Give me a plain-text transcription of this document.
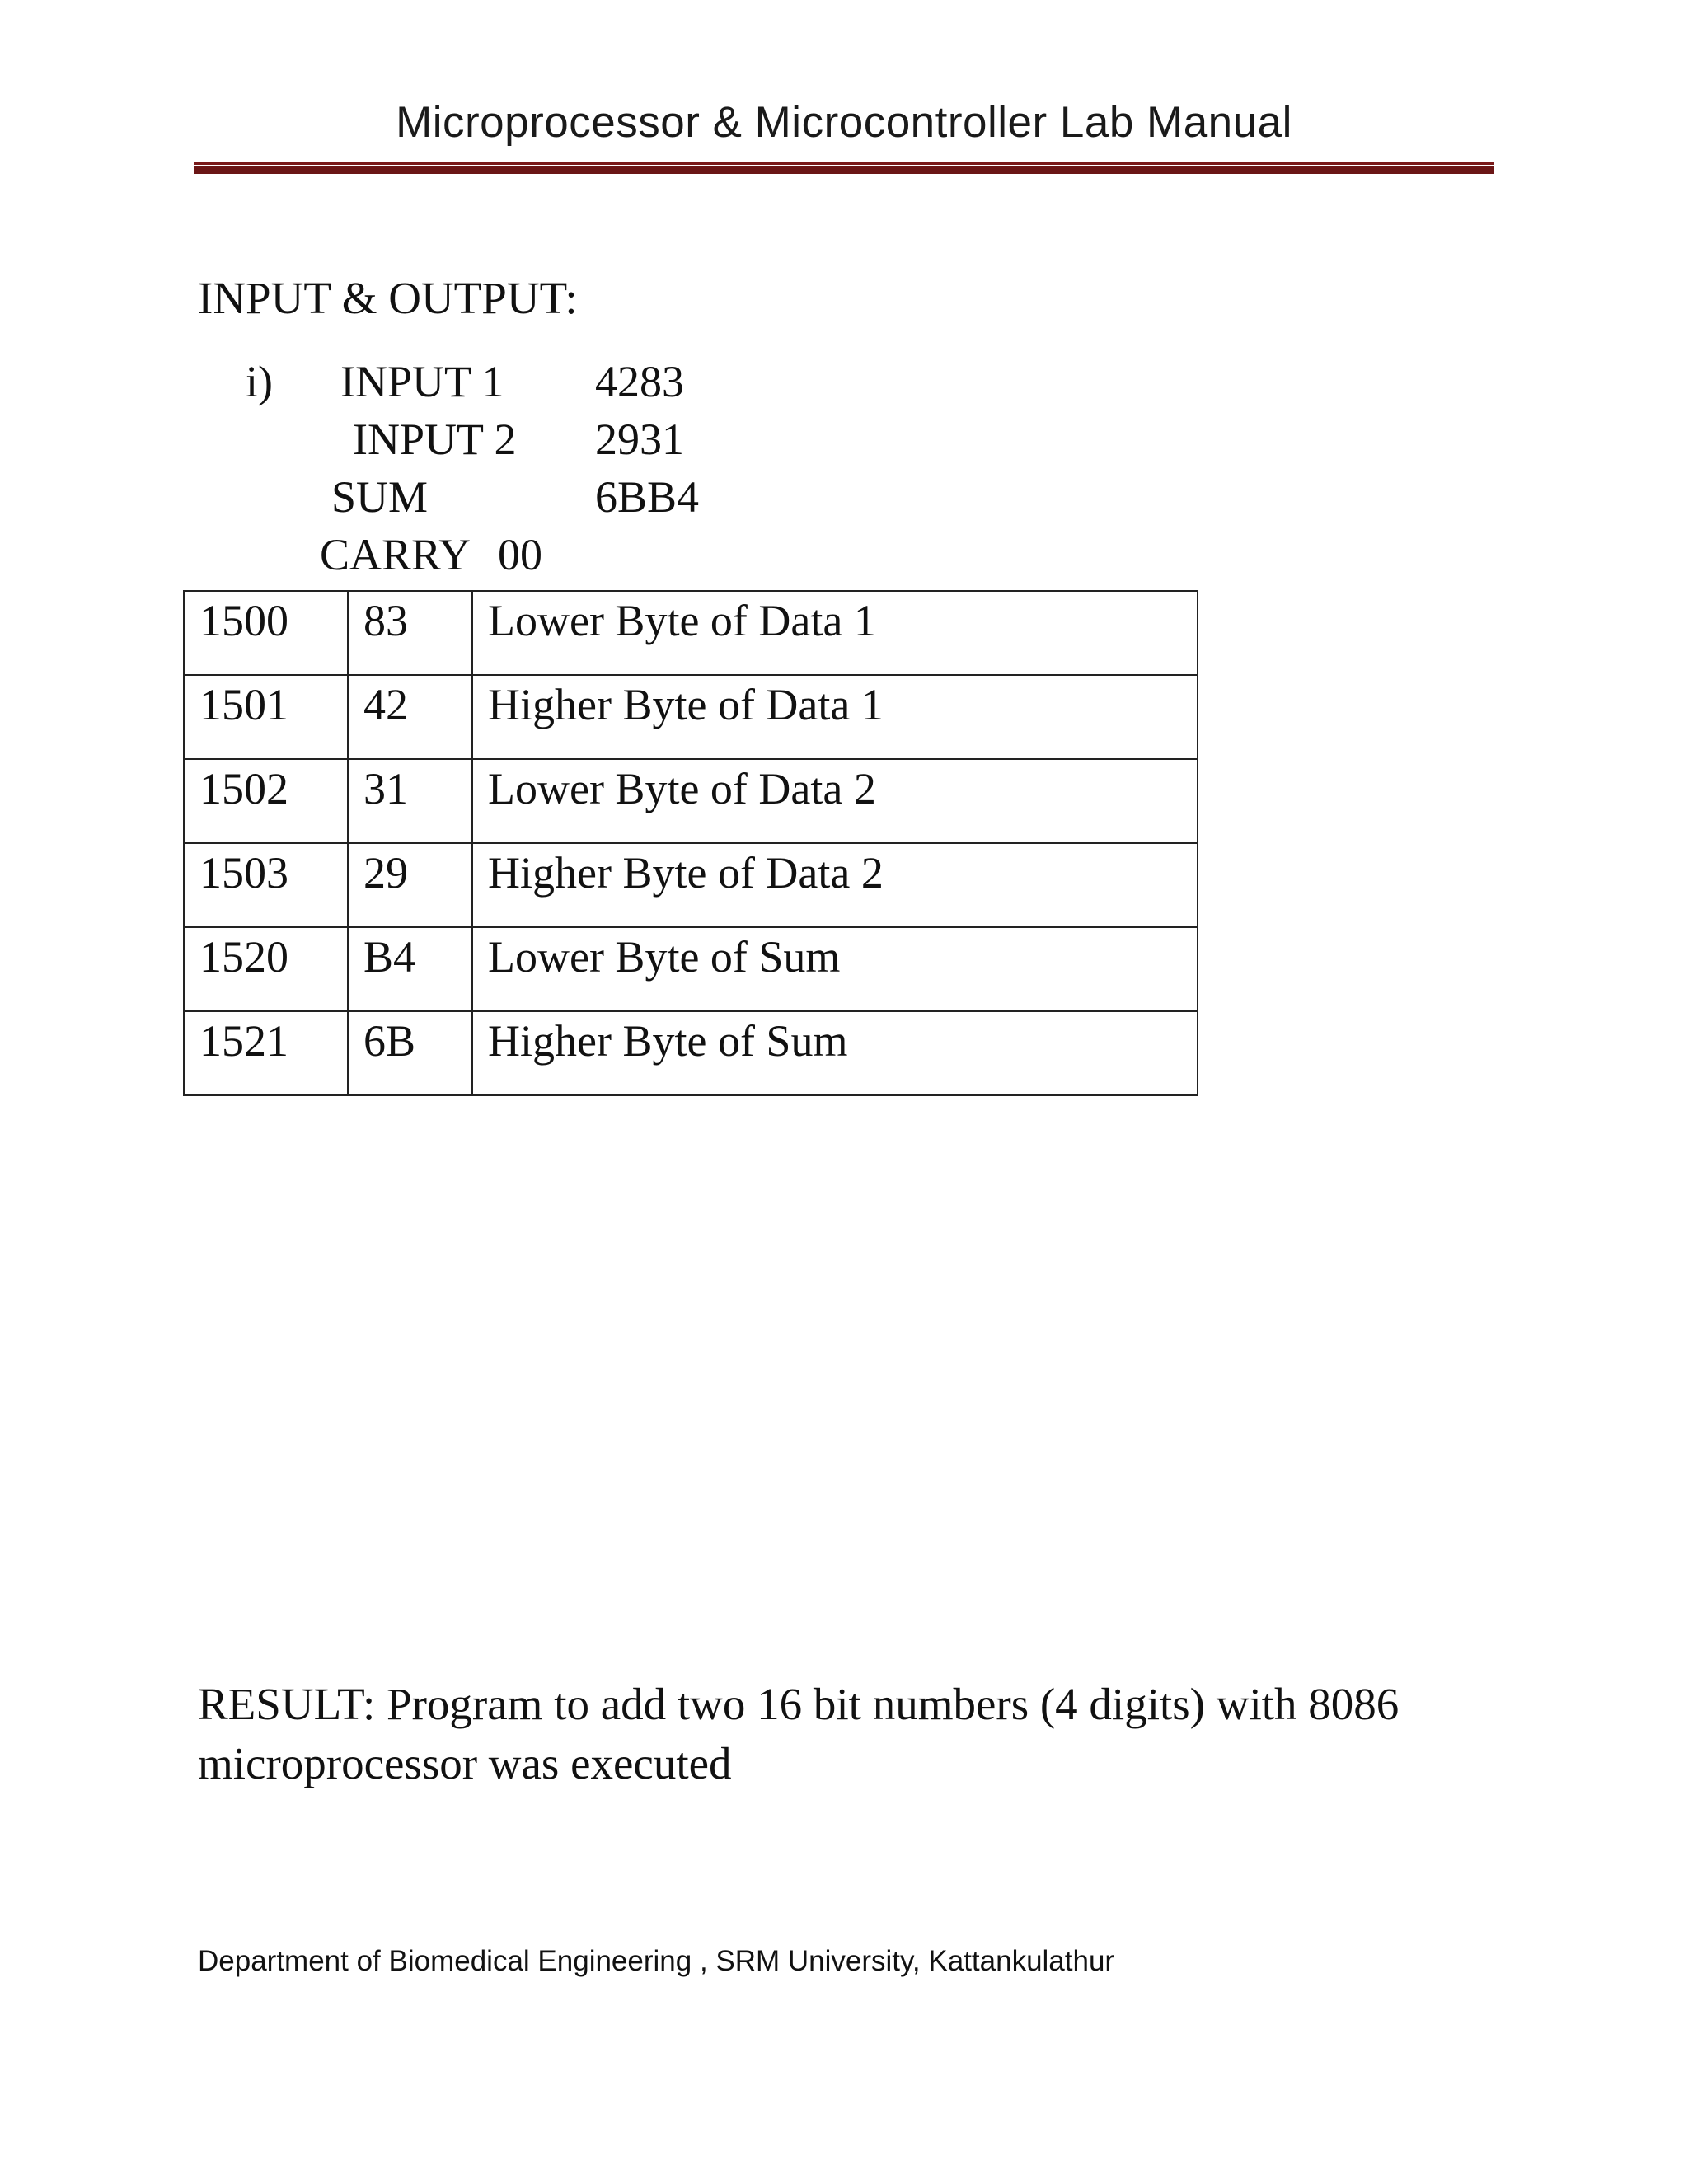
Microprocessor & Microcontroller Lab Manual
INPUT & OUTPUT:
i) INPUT 1 4283
INPUT 2 2931
SUM	6BB4
CARRY 00
1500	83	Lower Byte of Data 1
1501	42	Higher Byte of Data 1
1502	31	Lower Byte of Data 2
1503	29	Higher Byte of Data 2
1520	B4	Lower Byte of Sum
1521	6B	Higher Byte of Sum
RESULT: Program to add two 16 bit numbers (4 digits) with 8086 microprocessor was executed
Department of Biomedical Engineering , SRM University, Kattankulathur
